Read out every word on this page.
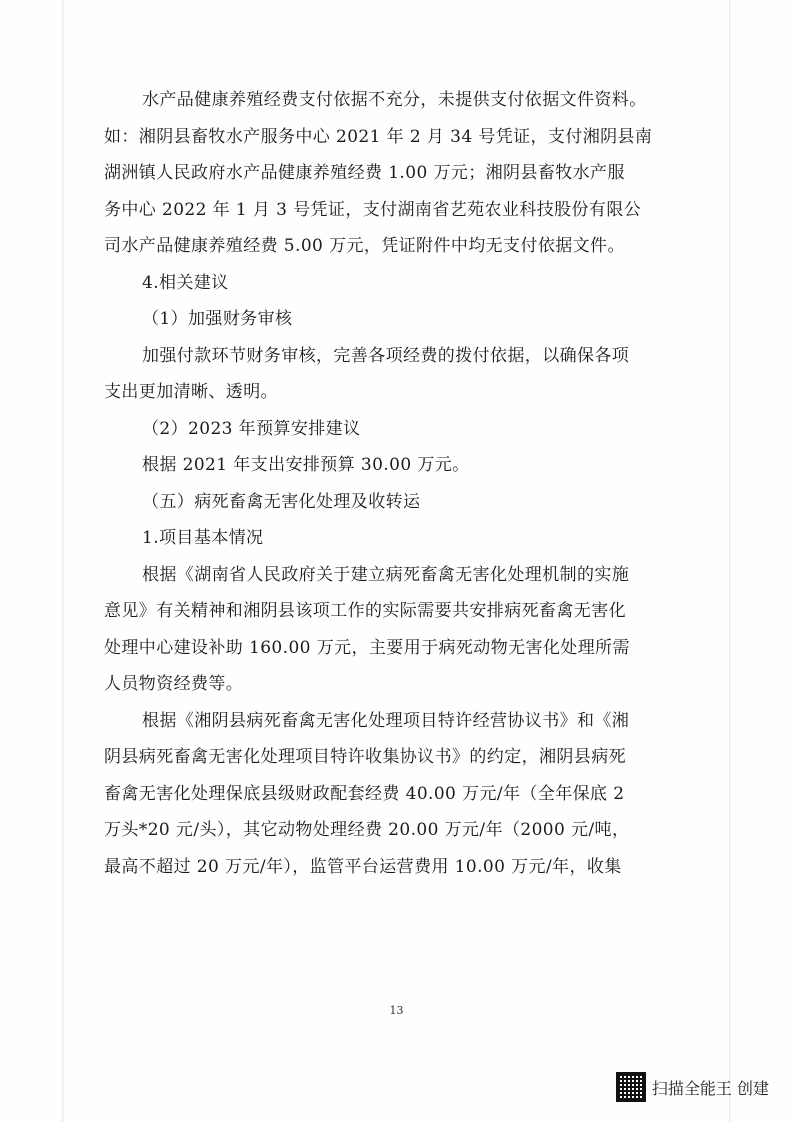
水产品健康养殖经费支付依据不充分，未提供支付依据文件资料。
如：湘阴县畜牧水产服务中心 2021 年 2 月 34 号凭证，支付湘阴县南
湖洲镇人民政府水产品健康养殖经费 1.00 万元；湘阴县畜牧水产服
务中心 2022 年 1 月 3 号凭证，支付湖南省艺苑农业科技股份有限公
司水产品健康养殖经费 5.00 万元，凭证附件中均无支付依据文件。
4.相关建议
（1）加强财务审核
加强付款环节财务审核，完善各项经费的拨付依据，以确保各项
支出更加清晰、透明。
（2）2023 年预算安排建议
根据 2021 年支出安排预算 30.00 万元。
（五）病死畜禽无害化处理及收转运
1.项目基本情况
根据《湖南省人民政府关于建立病死畜禽无害化处理机制的实施
意见》有关精神和湘阴县该项工作的实际需要共安排病死畜禽无害化
处理中心建设补助 160.00 万元，主要用于病死动物无害化处理所需
人员物资经费等。
根据《湘阴县病死畜禽无害化处理项目特许经营协议书》和《湘
阴县病死畜禽无害化处理项目特许收集协议书》的约定，湘阴县病死
畜禽无害化处理保底县级财政配套经费 40.00 万元/年（全年保底 2
万头*20 元/头），其它动物处理经费 20.00 万元/年（2000 元/吨，
最高不超过 20 万元/年），监管平台运营费用 10.00 万元/年，收集
13
扫描全能王 创建
